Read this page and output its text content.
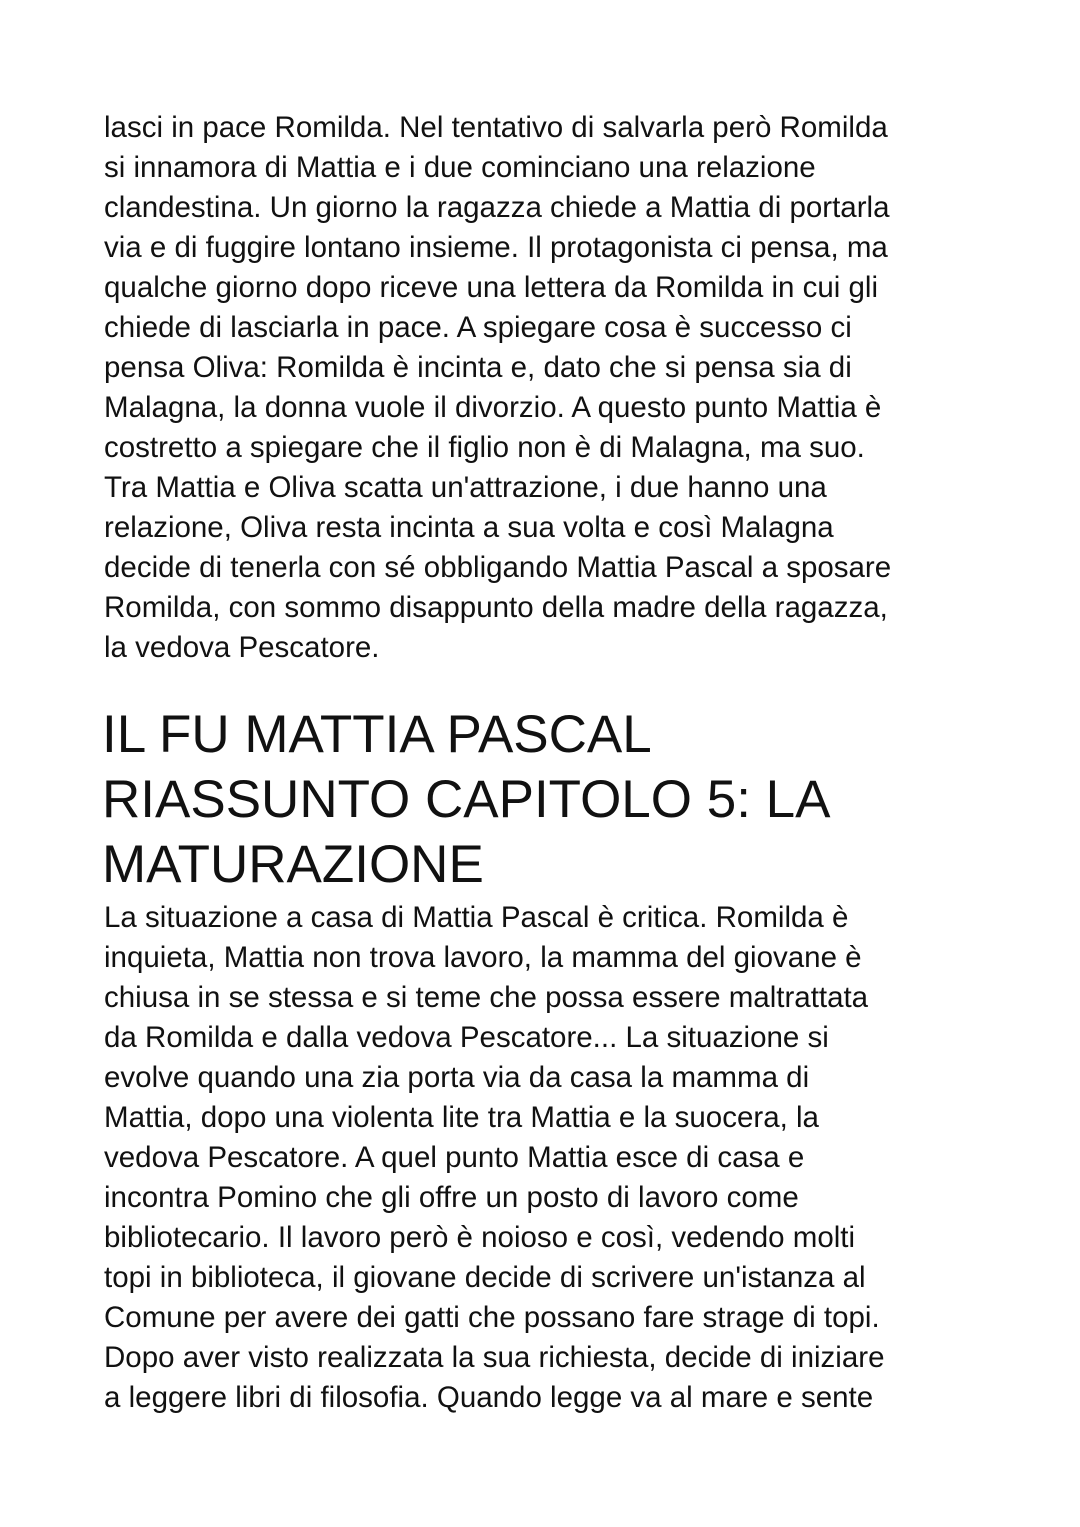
lasci in pace Romilda. Nel tentativo di salvarla però Romilda
si innamora di Mattia e i due cominciano una relazione
clandestina. Un giorno la ragazza chiede a Mattia di portarla
via e di fuggire lontano insieme. Il protagonista ci pensa, ma
qualche giorno dopo riceve una lettera da Romilda in cui gli
chiede di lasciarla in pace. A spiegare cosa è successo ci
pensa Oliva: Romilda è incinta e, dato che si pensa sia di
Malagna, la donna vuole il divorzio. A questo punto Mattia è
costretto a spiegare che il figlio non è di Malagna, ma suo.
Tra Mattia e Oliva scatta un'attrazione, i due hanno una
relazione, Oliva resta incinta a sua volta e così Malagna
decide di tenerla con sé obbligando Mattia Pascal a sposare
Romilda, con sommo disappunto della madre della ragazza,
la vedova Pescatore.
IL FU MATTIA PASCAL
RIASSUNTO CAPITOLO 5: LA
MATURAZIONE
La situazione a casa di Mattia Pascal è critica. Romilda è
inquieta, Mattia non trova lavoro, la mamma del giovane è
chiusa in se stessa e si teme che possa essere maltrattata
da Romilda e dalla vedova Pescatore... La situazione si
evolve quando una zia porta via da casa la mamma di
Mattia, dopo una violenta lite tra Mattia e la suocera, la
vedova Pescatore. A quel punto Mattia esce di casa e
incontra Pomino che gli offre un posto di lavoro come
bibliotecario. Il lavoro però è noioso e così, vedendo molti
topi in biblioteca, il giovane decide di scrivere un'istanza al
Comune per avere dei gatti che possano fare strage di topi.
Dopo aver visto realizzata la sua richiesta, decide di iniziare
a leggere libri di filosofia. Quando legge va al mare e sente
